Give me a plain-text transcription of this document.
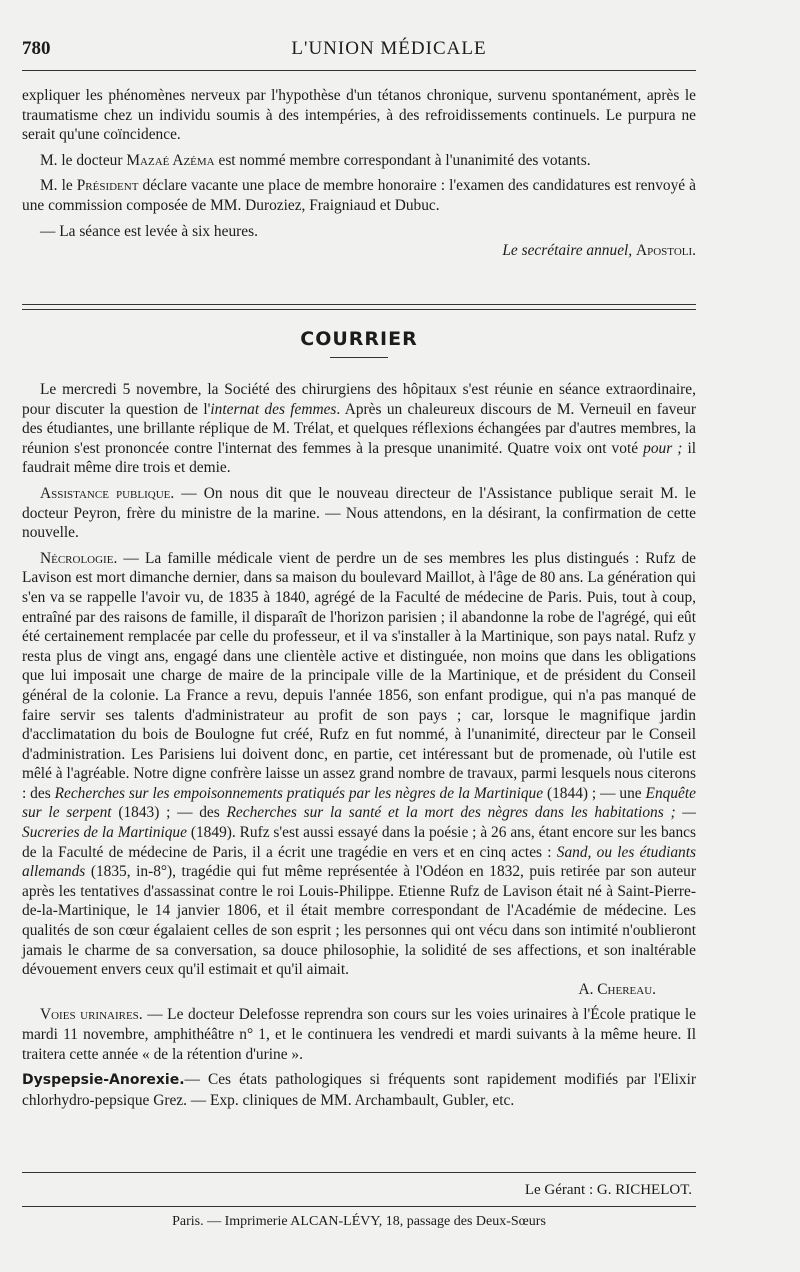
780	L'UNION MÉDICALE

expliquer les phénomènes nerveux par l'hypothèse d'un tétanos chronique, survenu spontanément, après le traumatisme chez un individu soumis à des intempéries, à des refroidissements continuels. Le purpura ne serait qu'une coïncidence.

M. le docteur Mazaé Azéma est nommé membre correspondant à l'unanimité des votants.

M. le Président déclare vacante une place de membre honoraire : l'examen des candidatures est renvoyé à une commission composée de MM. Duroziez, Fraigniaud et Dubuc.

— La séance est levée à six heures.

Le secrétaire annuel, Apostoli.
COURRIER

Le mercredi 5 novembre, la Société des chirurgiens des hôpitaux s'est réunie en séance extraordinaire, pour discuter la question de l'internat des femmes. Après un chaleureux discours de M. Verneuil en faveur des étudiantes, une brillante réplique de M. Trélat, et quelques réflexions échangées par d'autres membres, la réunion s'est prononcée contre l'internat des femmes à la presque unanimité. Quatre voix ont voté pour ; il faudrait même dire trois et demie.

Assistance publique. — On nous dit que le nouveau directeur de l'Assistance publique serait M. le docteur Peyron, frère du ministre de la marine. — Nous attendons, en la désirant, la confirmation de cette nouvelle.

Nécrologie. — La famille médicale vient de perdre un de ses membres les plus distingués : Rufz de Lavison est mort dimanche dernier, dans sa maison du boulevard Maillot, à l'âge de 80 ans. La génération qui s'en va se rappelle l'avoir vu, de 1835 à 1840, agrégé de la Faculté de médecine de Paris. Puis, tout à coup, entraîné par des raisons de famille, il disparaît de l'horizon parisien ; il abandonne la robe de l'agrégé, qui eût été certainement remplacée par celle du professeur, et il va s'installer à la Martinique, son pays natal. Rufz y resta plus de vingt ans, engagé dans une clientèle active et distinguée, non moins que dans les obligations que lui imposait une charge de maire de la principale ville de la Martinique, et de président du Conseil général de la colonie. La France a revu, depuis l'année 1856, son enfant prodigue, qui n'a pas manqué de faire servir ses talents d'administrateur au profit de son pays ; car, lorsque le magnifique jardin d'acclimatation du bois de Boulogne fut créé, Rufz en fut nommé, à l'unanimité, directeur par le Conseil d'administration. Les Parisiens lui doivent donc, en partie, cet intéressant but de promenade, où l'utile est mêlé à l'agréable. Notre digne confrère laisse un assez grand nombre de travaux, parmi lesquels nous citerons : des Recherches sur les empoisonnements pratiqués par les nègres de la Martinique (1844) ; — une Enquête sur le serpent (1843) ; — des Recherches sur la santé et la mort des nègres dans les habitations ; — Sucreries de la Martinique (1849). Rufz s'est aussi essayé dans la poésie ; à 26 ans, étant encore sur les bancs de la Faculté de médecine de Paris, il a écrit une tragédie en vers et en cinq actes : Sand, ou les étudiants allemands (1835, in-8°), tragédie qui fut même représentée à l'Odéon en 1832, puis retirée par son auteur après les tentatives d'assassinat contre le roi Louis-Philippe. Etienne Rufz de Lavison était né à Saint-Pierre-de-la-Martinique, le 14 janvier 1806, et il était membre correspondant de l'Académie de médecine. Les qualités de son cœur égalaient celles de son esprit ; les personnes qui ont vécu dans son intimité n'oublieront jamais le charme de sa conversation, sa douce philosophie, la solidité de ses affections, et son inaltérable dévouement envers ceux qu'il estimait et qu'il aimait.

A. Chereau.

Voies urinaires. — Le docteur Delefosse reprendra son cours sur les voies urinaires à l'École pratique le mardi 11 novembre, amphithéâtre n° 1, et le continuera les vendredi et mardi suivants à la même heure. Il traitera cette année « de la rétention d'urine ».

Dyspepsie-Anorexie.— Ces états pathologiques si fréquents sont rapidement modifiés par l'Elixir chlorhydro-pepsique Grez. — Exp. cliniques de MM. Archambault, Gubler, etc.

Le Gérant : G. RICHELOT.
Paris. — Imprimerie ALCAN-LÉVY, 18, passage des Deux-Sœurs
